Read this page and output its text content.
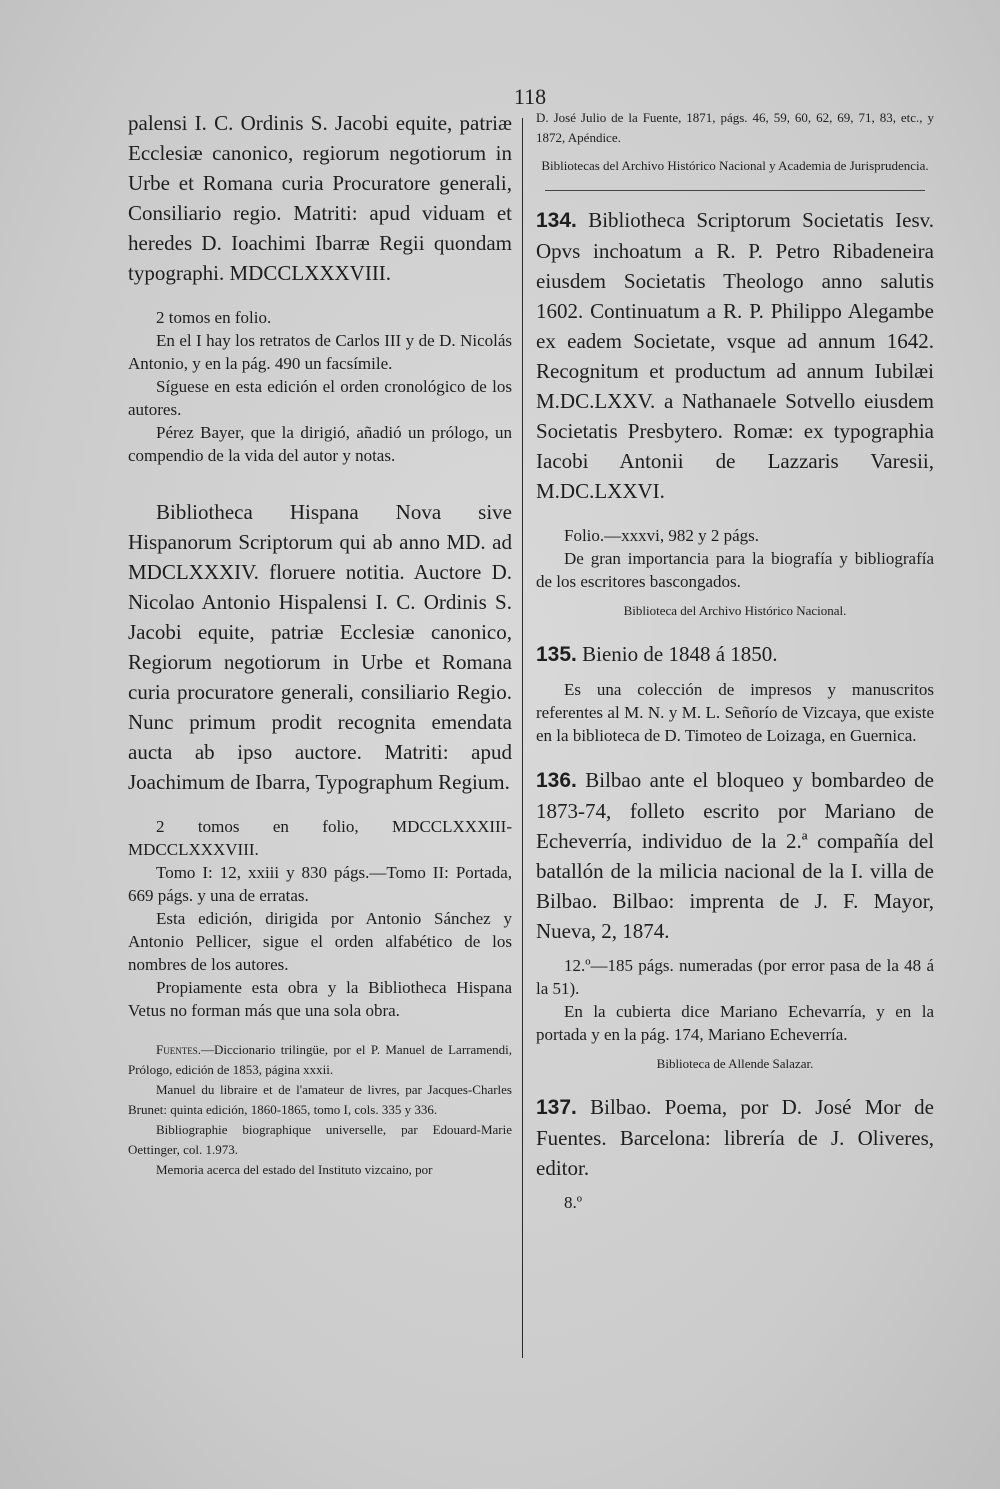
118

palensi I. C. Ordinis S. Jacobi equite, patriæ Ecclesiæ canonico, regiorum negotiorum in Urbe et Romana curia Procuratore generali, Consiliario regio. Matriti: apud viduam et heredes D. Ioachimi Ibarræ Regii quondam typographi. MDCCLXXXVIII.

2 tomos en folio.

En el I hay los retratos de Carlos III y de D. Nicolás Antonio, y en la pág. 490 un facsímile.

Síguese en esta edición el orden cronológico de los autores.

Pérez Bayer, que la dirigió, añadió un prólogo, un compendio de la vida del autor y notas.

Bibliotheca Hispana Nova sive Hispanorum Scriptorum qui ab anno MD. ad MDCLXXXIV. floruere notitia. Auctore D. Nicolao Antonio Hispalensi I. C. Ordinis S. Jacobi equite, patriæ Ecclesiæ canonico, Regiorum negotiorum in Urbe et Romana curia procuratore generali, consiliario Regio. Nunc primum prodit recognita emendata aucta ab ipso auctore. Matriti: apud Joachimum de Ibarra, Typographum Regium.

2 tomos en folio, MDCCLXXXIII-MDCCLXXXVIII.

Tomo I: 12, xxiii y 830 págs.—Tomo II: Portada, 669 págs. y una de erratas.

Esta edición, dirigida por Antonio Sánchez y Antonio Pellicer, sigue el orden alfabético de los nombres de los autores.

Propiamente esta obra y la Bibliotheca Hispana Vetus no forman más que una sola obra.

Fuentes.—Diccionario trilingüe, por el P. Manuel de Larramendi, Prólogo, edición de 1853, página xxxii.

Manuel du libraire et de l'amateur de livres, par Jacques-Charles Brunet: quinta edición, 1860-1865, tomo I, cols. 335 y 336.

Bibliographie biographique universelle, par Edouard-Marie Oettinger, col. 1.973.

Memoria acerca del estado del Instituto vizcaino, por

D. José Julio de la Fuente, 1871, págs. 46, 59, 60, 62, 69, 71, 83, etc., y 1872, Apéndice.

Bibliotecas del Archivo Histórico Nacional y Academia de Jurisprudencia.

134. Bibliotheca Scriptorum Societatis Iesv. Opvs inchoatum a R. P. Petro Ribadeneira eiusdem Societatis Theologo anno salutis 1602. Continuatum a R. P. Philippo Alegambe ex eadem Societate, vsque ad annum 1642. Recognitum et productum ad annum Iubilæi M.DC.LXXV. a Nathanaele Sotvello eiusdem Societatis Presbytero. Romæ: ex typographia Iacobi Antonii de Lazzaris Varesii, M.DC.LXXVI.

Folio.—xxxvi, 982 y 2 págs.

De gran importancia para la biografía y bibliografía de los escritores bascongados.

Biblioteca del Archivo Histórico Nacional.

135. Bienio de 1848 á 1850.

Es una colección de impresos y manuscritos referentes al M. N. y M. L. Señorío de Vizcaya, que existe en la biblioteca de D. Timoteo de Loizaga, en Guernica.

136. Bilbao ante el bloqueo y bombardeo de 1873-74, folleto escrito por Mariano de Echeverría, individuo de la 2.ª compañía del batallón de la milicia nacional de la I. villa de Bilbao. Bilbao: imprenta de J. F. Mayor, Nueva, 2, 1874.

12.º—185 págs. numeradas (por error pasa de la 48 á la 51).

En la cubierta dice Mariano Echevarría, y en la portada y en la pág. 174, Mariano Echeverría.

Biblioteca de Allende Salazar.

137. Bilbao. Poema, por D. José Mor de Fuentes. Barcelona: librería de J. Oliveres, editor.

8.º
